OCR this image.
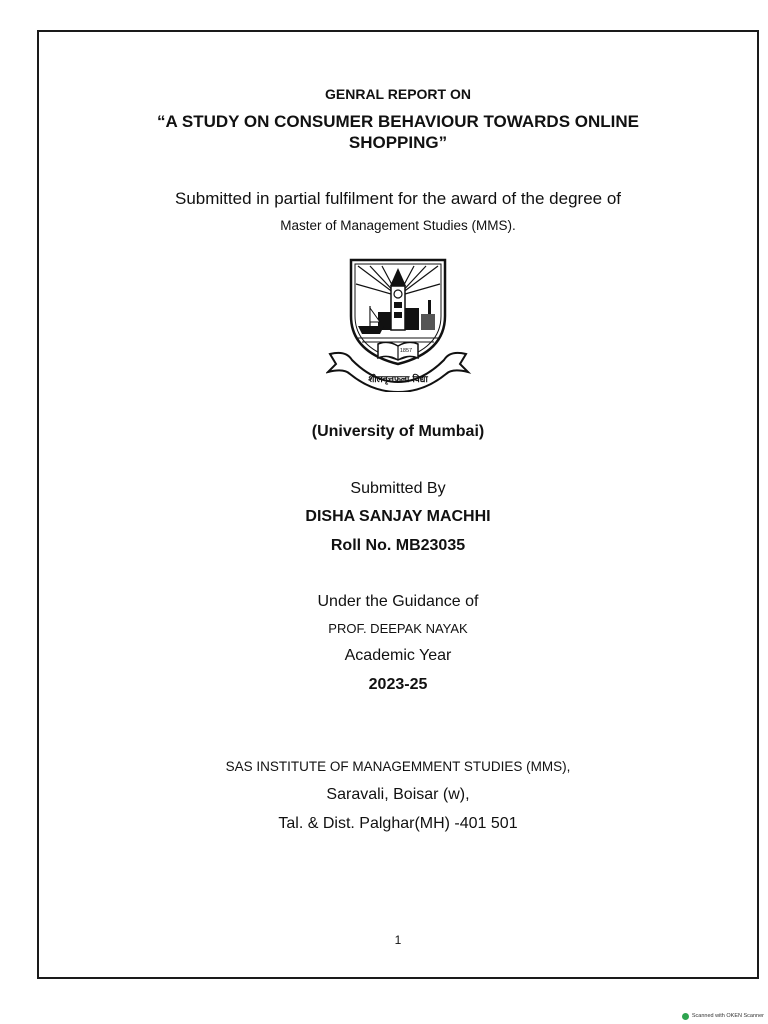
GENRAL REPORT ON
“A STUDY ON CONSUMER BEHAVIOUR TOWARDS ONLINE
SHOPPING”
Submitted in partial fulfilment for the award of the degree of
Master of Management Studies (MMS).
1857
शीलवृत्तफला विद्या
(University of Mumbai)
Submitted By
DISHA SANJAY MACHHI
Roll No. MB23035
Under the Guidance of
PROF. DEEPAK NAYAK
Academic Year
2023-25
SAS INSTITUTE OF MANAGEMMENT STUDIES (MMS),
Saravali, Boisar (w),
Tal. & Dist. Palghar(MH) -401 501
1
Scanned with OKEN Scanner
